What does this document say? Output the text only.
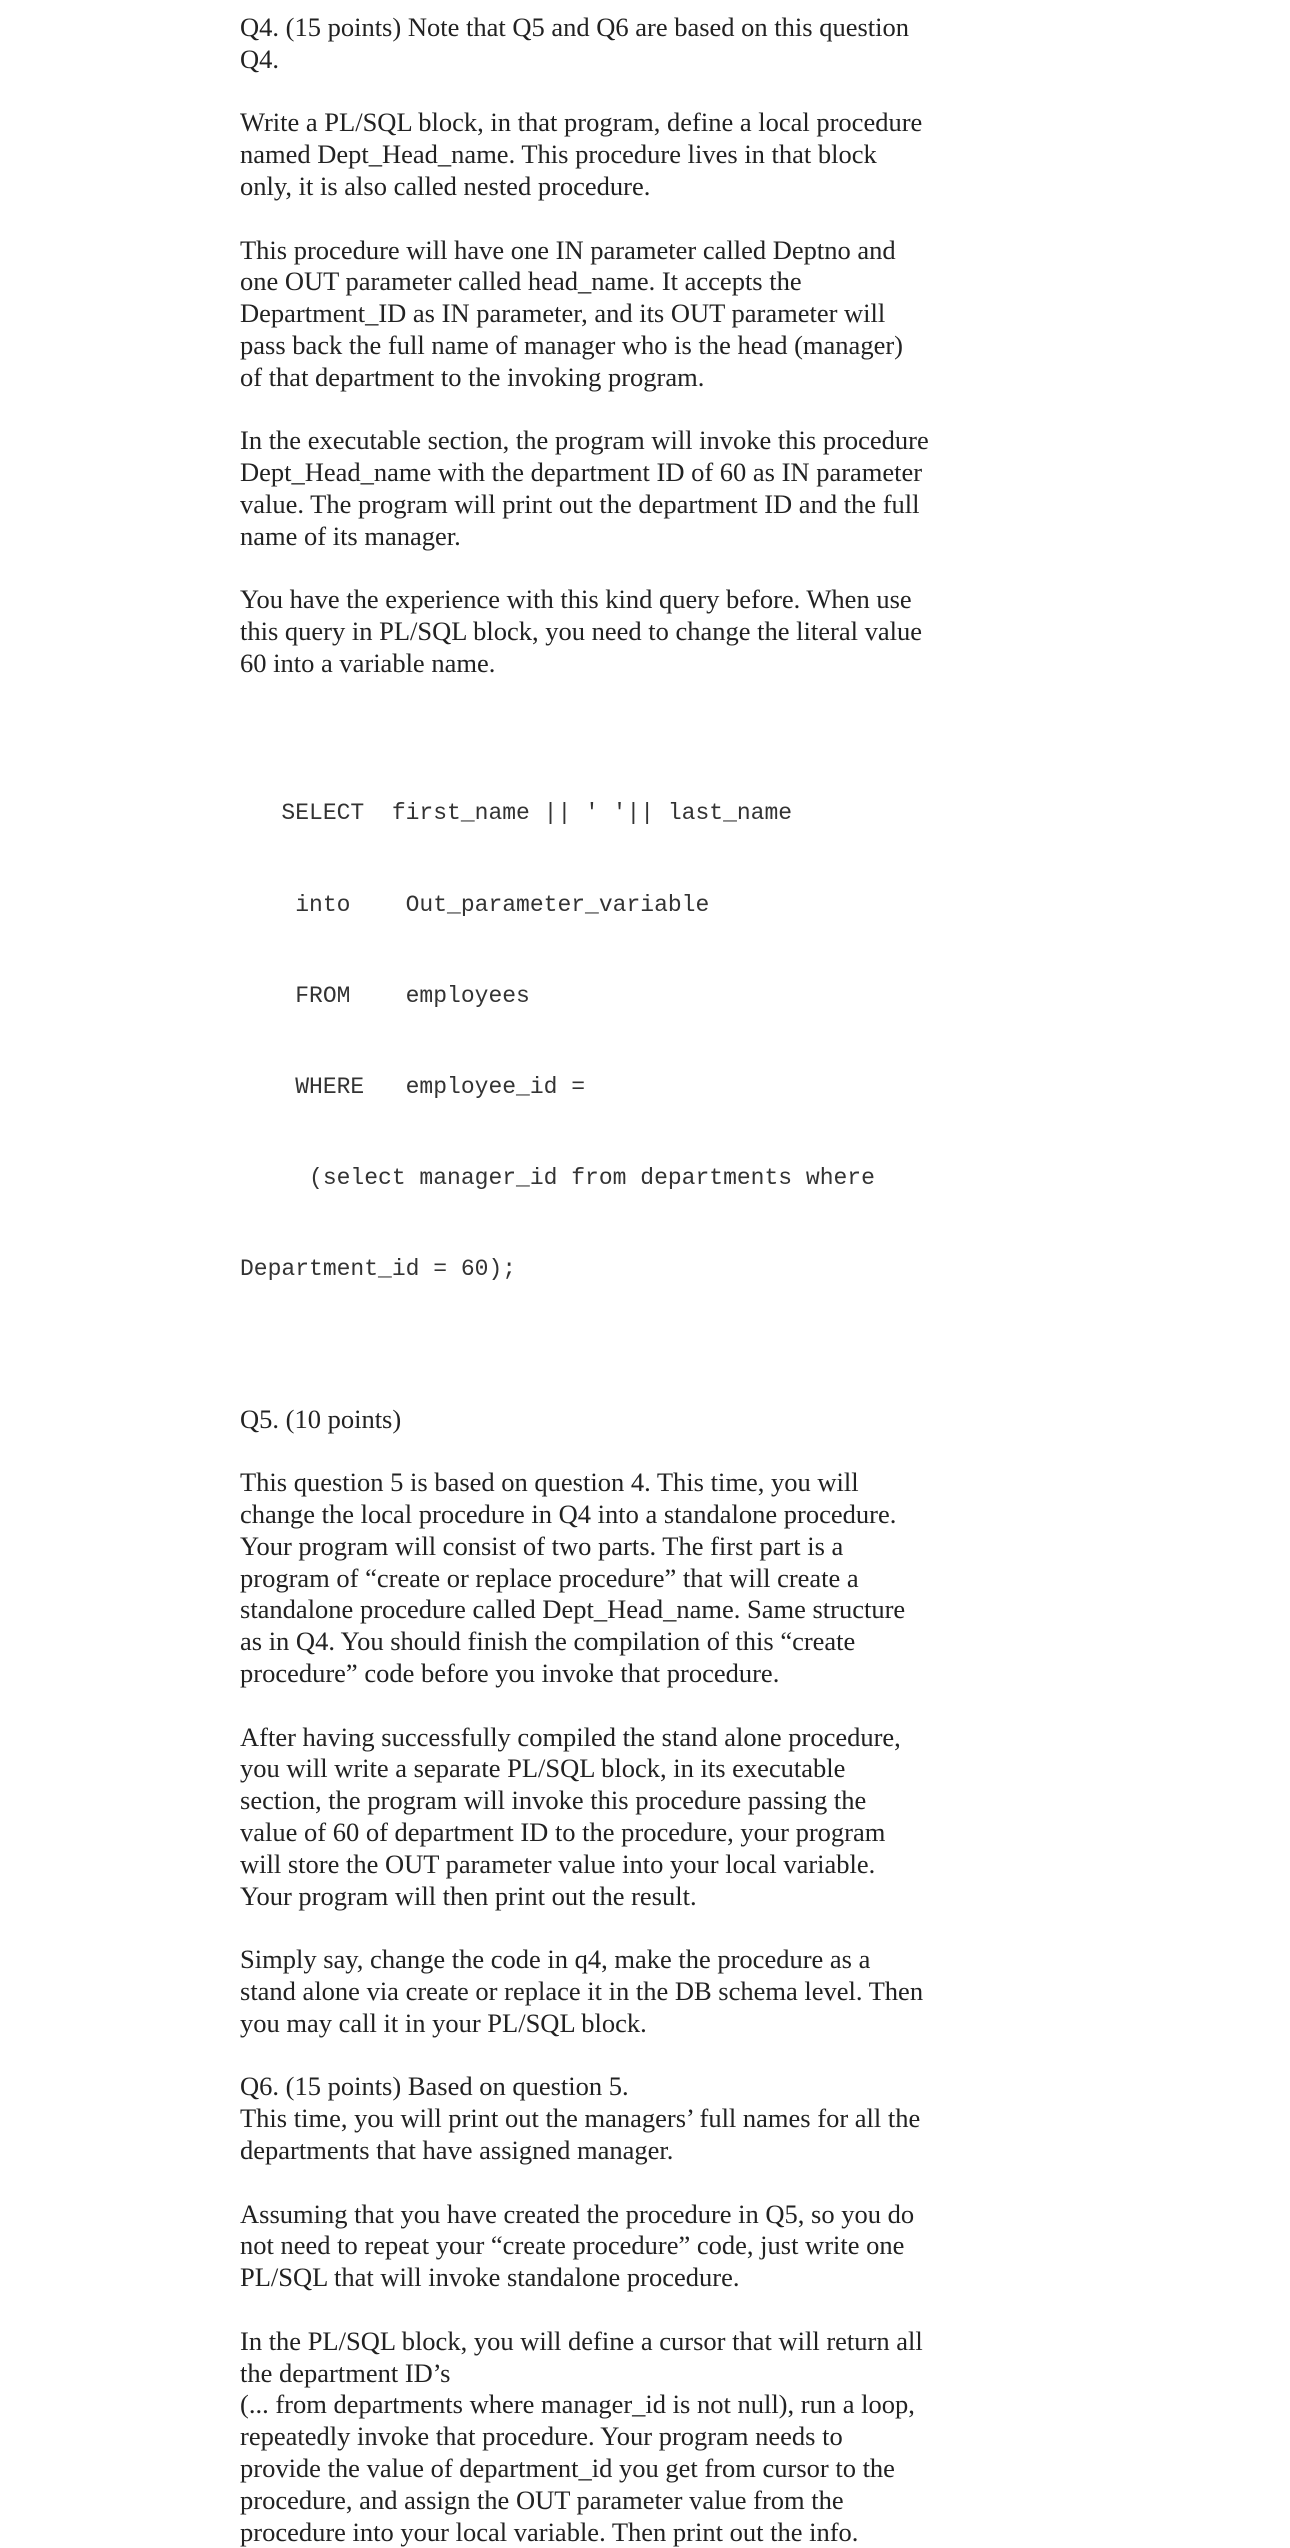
Q4. (15 points) Note that Q5 and Q6 are based on this question
Q4.
Write a PL/SQL block, in that program, define a local procedure
named Dept_Head_name. This procedure lives in that block
only, it is also called nested procedure.
This procedure will have one IN parameter called Deptno and
one OUT parameter called head_name. It accepts the
Department_ID as IN parameter, and its OUT parameter will
pass back the full name of manager who is the head (manager)
of that department to the invoking program.
In the executable section, the program will invoke this procedure
Dept_Head_name with the department ID of 60 as IN parameter
value. The program will print out the department ID and the full
name of its manager.
You have the experience with this kind query before. When use
this query in PL/SQL block, you need to change the literal value
60 into a variable name.

SELECT  first_name || ' '|| last_name

into    Out_parameter_variable

FROM    employees

WHERE   employee_id =

(select manager_id from departments where

Department_id = 60);

Q5. (10 points)
This question 5 is based on question 4. This time, you will
change the local procedure in Q4 into a standalone procedure.
Your program will consist of two parts. The first part is a
program of “create or replace procedure” that will create a
standalone procedure called Dept_Head_name. Same structure
as in Q4. You should finish the compilation of this “create
procedure” code before you invoke that procedure.
After having successfully compiled the stand alone procedure,
you will write a separate PL/SQL block, in its executable
section, the program will invoke this procedure passing the
value of 60 of department ID to the procedure, your program
will store the OUT parameter value into your local variable.
Your program will then print out the result.
Simply say, change the code in q4, make the procedure as a
stand alone via create or replace it in the DB schema level. Then
you may call it in your PL/SQL block.
Q6. (15 points) Based on question 5.
This time, you will print out the managers’ full names for all the
departments that have assigned manager.
Assuming that you have created the procedure in Q5, so you do
not need to repeat your “create procedure” code, just write one
PL/SQL that will invoke standalone procedure.
In the PL/SQL block, you will define a cursor that will return all
the department ID’s
(... from departments where manager_id is not null), run a loop,
repeatedly invoke that procedure. Your program needs to
provide the value of department_id you get from cursor to the
procedure, and assign the OUT parameter value from the
procedure into your local variable. Then print out the info.
